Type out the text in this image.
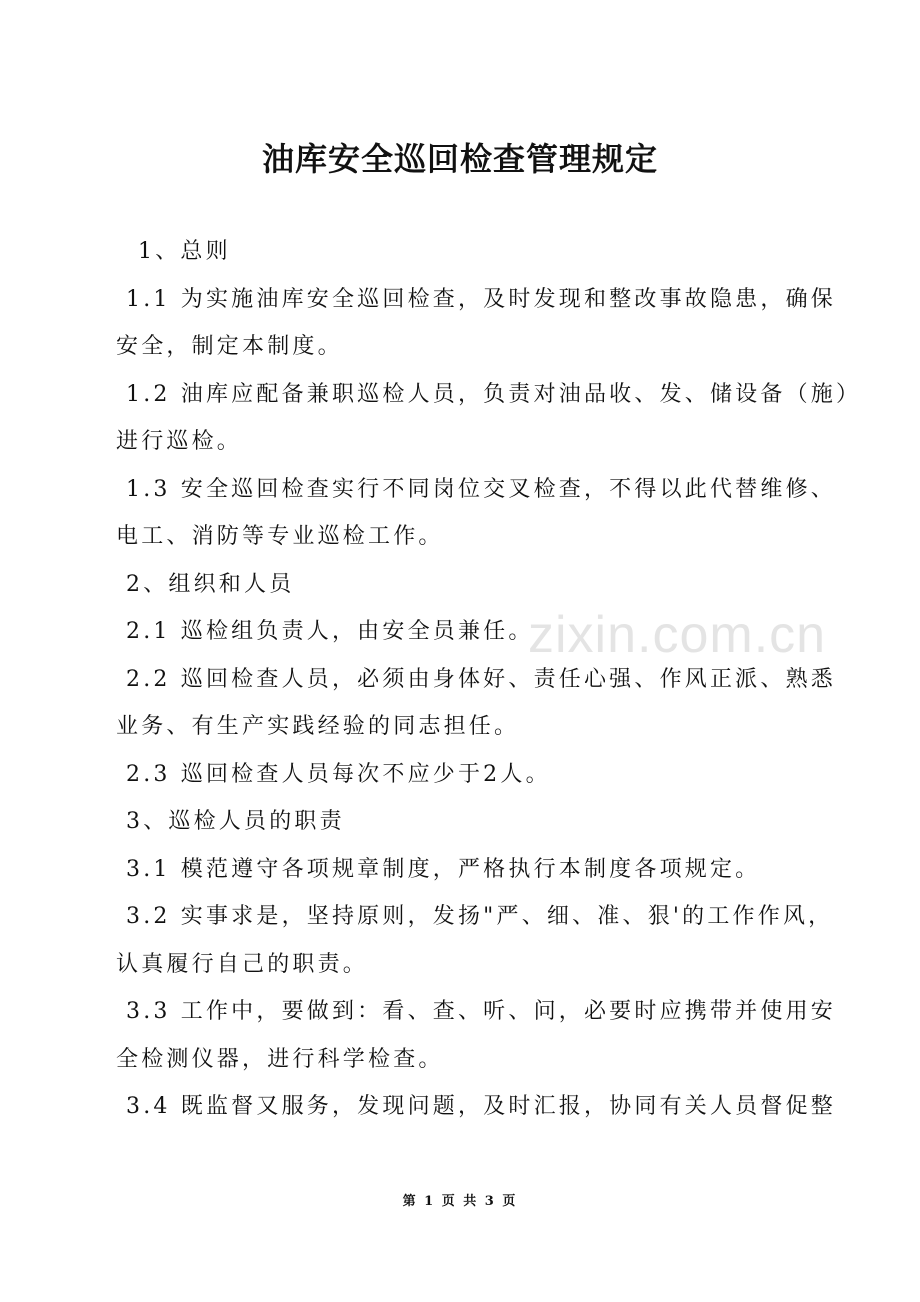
油库安全巡回检查管理规定
1、总则
1.1 为实施油库安全巡回检查，及时发现和整改事故隐患，确保
安全，制定本制度。
1.2 油库应配备兼职巡检人员，负责对油品收、发、储设备（施）
进行巡检。
1.3 安全巡回检查实行不同岗位交叉检查，不得以此代替维修、
电工、消防等专业巡检工作。
2、组织和人员
2.1 巡检组负责人，由安全员兼任。
2.2 巡回检查人员，必须由身体好、责任心强、作风正派、熟悉
业务、有生产实践经验的同志担任。
2.3 巡回检查人员每次不应少于2人。
3、巡检人员的职责
3.1 模范遵守各项规章制度，严格执行本制度各项规定。
3.2 实事求是，坚持原则，发扬"严、细、准、狠'的工作作风，
认真履行自己的职责。
3.3 工作中，要做到：看、查、听、问，必要时应携带并使用安
全检测仪器，进行科学检查。
3.4 既监督又服务，发现问题，及时汇报，协同有关人员督促整
zixin.com.cn
第 1 页 共 3 页
